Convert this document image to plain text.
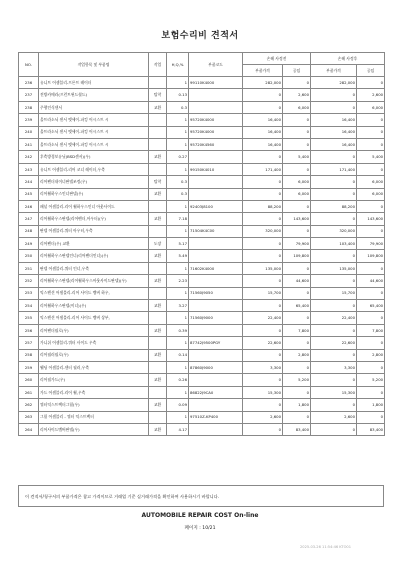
보험수리비 견적서
NO.	작업항목 및 부품명	작업	H,Q,%	부품코드	손해 사정전		손해 사정후	
					부품가격	공임	부품가격	공임
236	유니트 어셈블리-프론트 레이더		1	99110K4000	282,000	0	282,000	0
237	전방카메라(프런트윈드쉴드)	탈착	0.13		0	2,600	0	2,600
238	주행인식센서	교환	0.3		0	6,000	0	6,000
239	울트라소닉 센서 엣세이-파킹 어시스트 시		1	95720K4000	16,400	0	16,400	0
240	울트라소닉 센서 엣세이-파킹 어시스트 시		1	95720K4000	16,400	0	16,400	0
241	울트라소닉 센서 엣세이-파킹 어시스트 시		1	95720K4560	16,400	0	16,400	0
242	후측방경보유닛(BSD센서)(우)	교환	0.27		0	5,400	0	5,400
243	유니트 어셈블리-리어 코너 레이더,우측		1	99150K4010	171,400	0	171,400	0
244	리어펜더내이너판넬조정(우)	탈착	0.3		0	6,000	0	6,000
245	리어휠하우스인너판넬(우)	교환	0.3		0	6,000	0	6,000
246	패널 어셈블리-리어 휠하우스인너 아웃사이드		1	92403J8100	88,200	0	88,200	0
247	리어휠하우스판넬(리어펜더,아우터)(우)	교환	7.18		0	143,600	0	143,600
248	판넬 어셈블리-쿼터 아우터,우측		1	71504K4C00	320,000	0	320,000	0
249	리어펜더(우) 교환	도장	5.17		0	79,900	103,400	79,900
250	리어휠하우스판넬인너(리어펜더인너)(우)	교환	5.49		0	109,800	0	109,800
251	판넬 어셈블리-쿼터 인너,우측		1	71602K4000	135,000	0	135,000	0
252	리어휠하우스판넬(리어휠하우스아웃사이드판넬)(우)	교환	2.23		0	44,600	0	44,600
253	익스텐션 어셈블리-리어 사이드 멤버 하우,		1	71560J9050	15,700	0	15,700	0
254	리어휠하우스판넬(이너)(우)	교환	3.27		0	65,400	0	65,400
255	익스텐션 어셈블리-리어 사이드 멤버 상부,		1	71560J9000	22,400	0	22,400	0
256	리어팬더필로(우)	교환	0.39		0	7,800	0	7,800
257	가니쉬 어셈블리-쿼터 사이드 우측		1	87742J9500PGY	22,600	0	22,600	0
258	리어필러필로(우)	교환	0.14		0	2,800	0	2,800
259	웰딩 어셈블리-센터 필러,우측		1	87860J9000	3,300	0	3,300	0
260	리어필가드(우)	교환	0.26		0	5,200	0	5,200
261	가드 어셈블리-리어 휠,우측		1	86822J9CA0	15,300	0	15,300	0
262	쿼터익스트랙터그릴(우)	교환	0.09		0	1,800	0	1,800
263	그릴 어셈블리 - 쿼터 익스트랙터		1	97510Z-KP400	2,600	0	2,600	0
264	리어사이드멤버판넬(우)	교환	4.17		0	83,400	0	83,400
이 견적서/청구서의 부품가격은 참고 가격이므로 거래업 기준 실거래가격을 확인하여 사용하시기 바랍니다.
AUTOMOBILE REPAIR COST On-line
페이지 : 10/21
2025-03-26 11:54:46 KTO01
